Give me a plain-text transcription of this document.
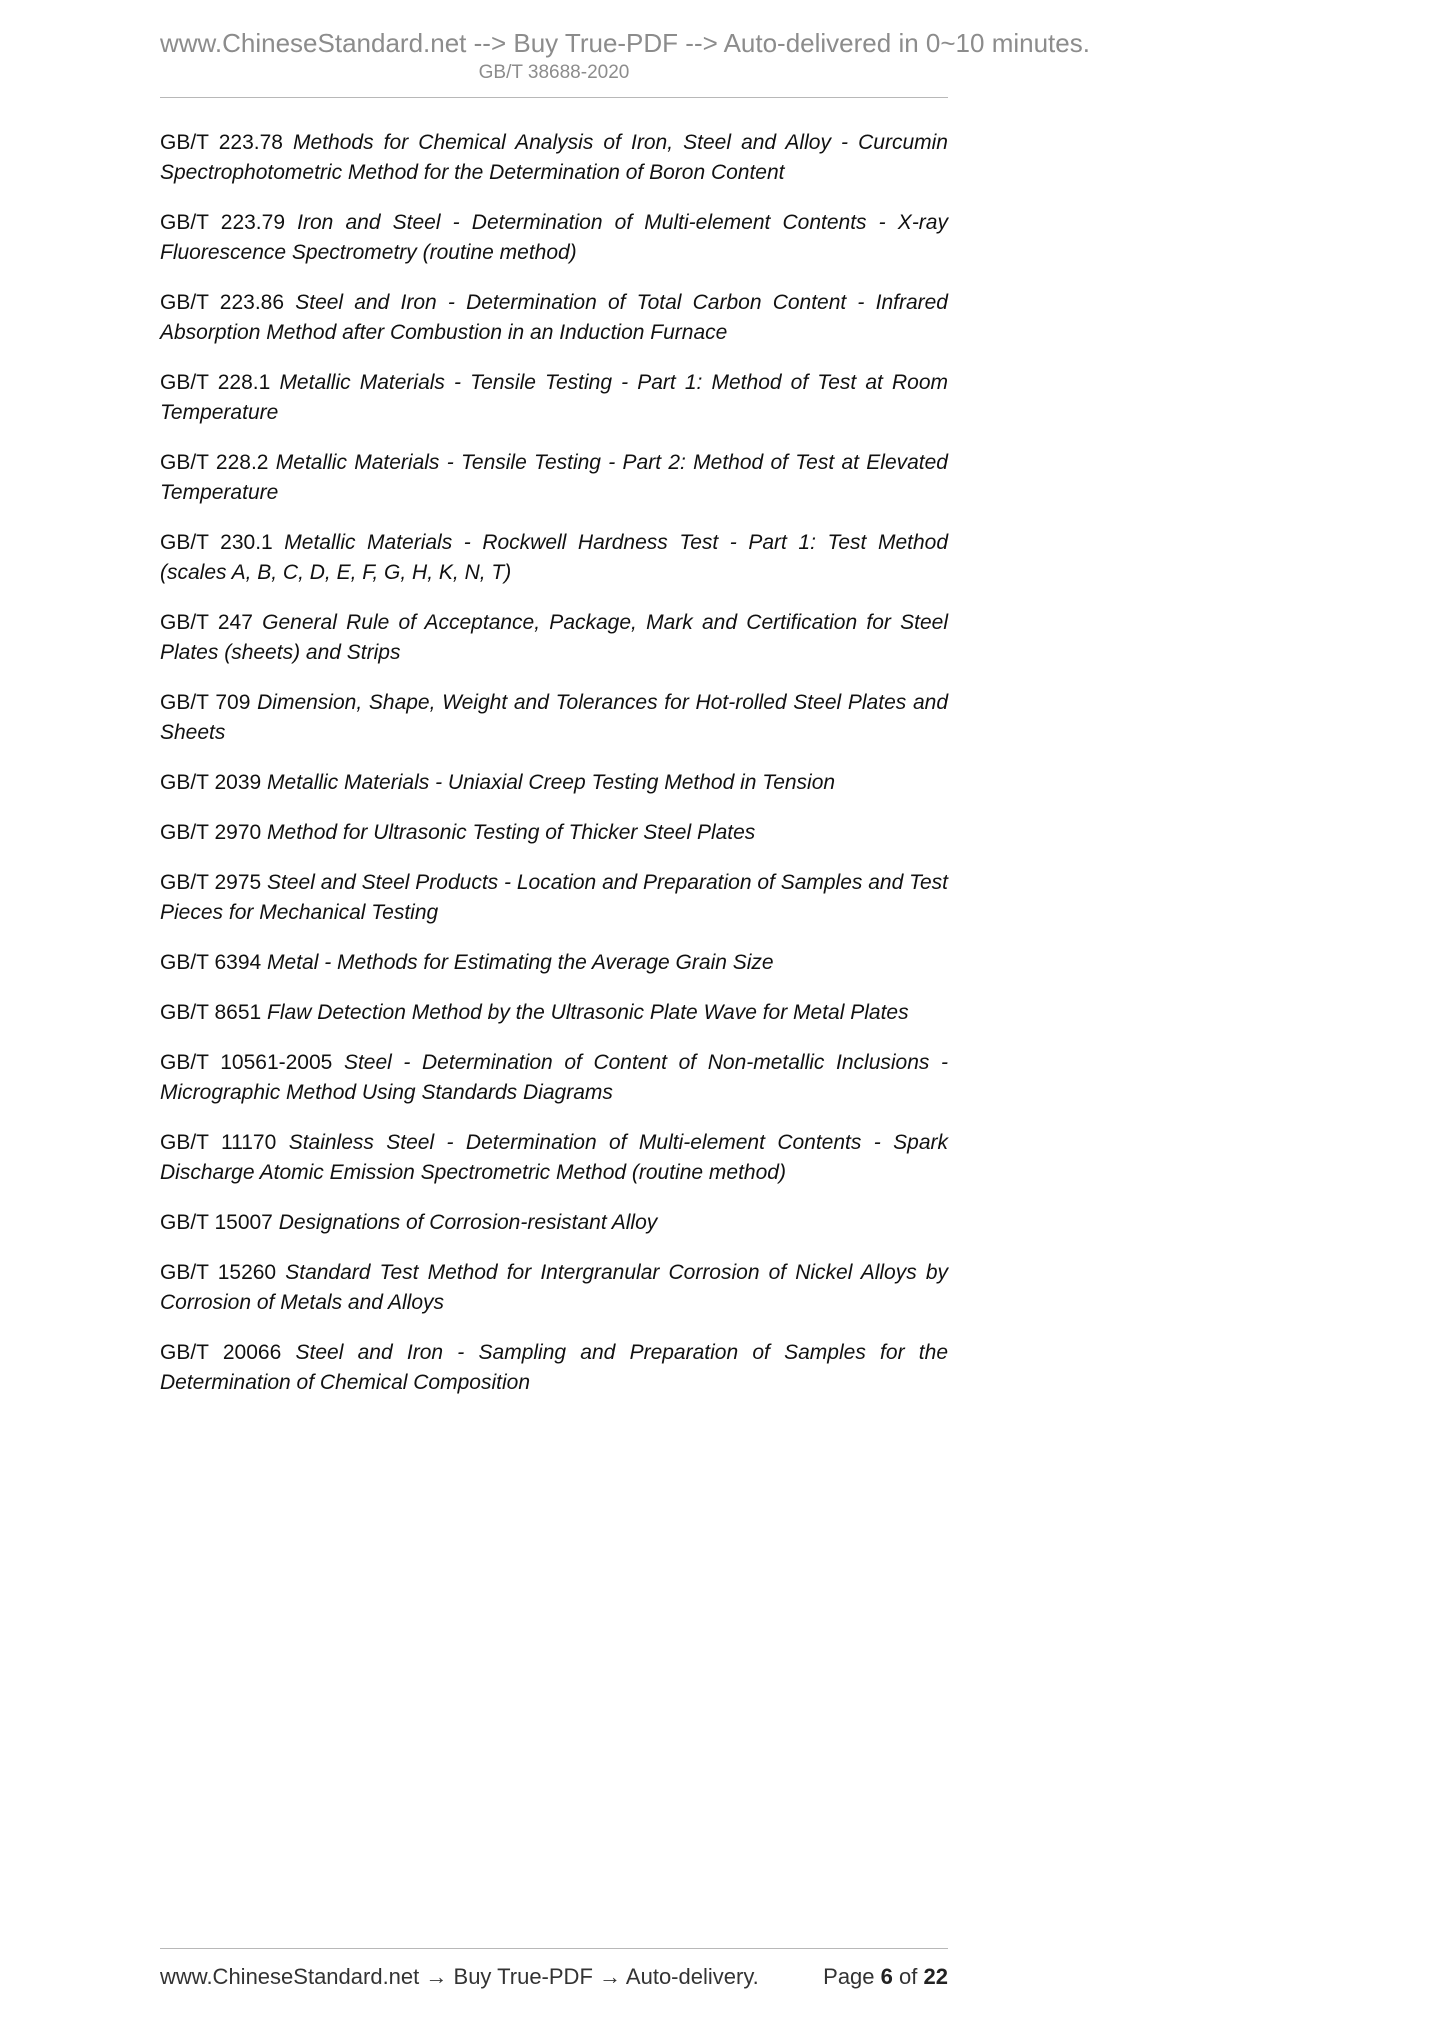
www.ChineseStandard.net --> Buy True-PDF --> Auto-delivered in 0~10 minutes.
GB/T 38688-2020

GB/T 223.78 Methods for Chemical Analysis of Iron, Steel and Alloy - Curcumin Spectrophotometric Method for the Determination of Boron Content

GB/T 223.79 Iron and Steel - Determination of Multi-element Contents - X-ray Fluorescence Spectrometry (routine method)

GB/T 223.86 Steel and Iron - Determination of Total Carbon Content - Infrared Absorption Method after Combustion in an Induction Furnace

GB/T 228.1 Metallic Materials - Tensile Testing - Part 1: Method of Test at Room Temperature

GB/T 228.2 Metallic Materials - Tensile Testing - Part 2: Method of Test at Elevated Temperature

GB/T 230.1 Metallic Materials - Rockwell Hardness Test - Part 1: Test Method (scales A, B, C, D, E, F, G, H, K, N, T)

GB/T 247 General Rule of Acceptance, Package, Mark and Certification for Steel Plates (sheets) and Strips

GB/T 709 Dimension, Shape, Weight and Tolerances for Hot-rolled Steel Plates and Sheets

GB/T 2039 Metallic Materials - Uniaxial Creep Testing Method in Tension

GB/T 2970 Method for Ultrasonic Testing of Thicker Steel Plates

GB/T 2975 Steel and Steel Products - Location and Preparation of Samples and Test Pieces for Mechanical Testing

GB/T 6394 Metal - Methods for Estimating the Average Grain Size

GB/T 8651 Flaw Detection Method by the Ultrasonic Plate Wave for Metal Plates

GB/T 10561-2005 Steel - Determination of Content of Non-metallic Inclusions - Micrographic Method Using Standards Diagrams

GB/T 11170 Stainless Steel - Determination of Multi-element Contents - Spark Discharge Atomic Emission Spectrometric Method (routine method)

GB/T 15007 Designations of Corrosion-resistant Alloy

GB/T 15260 Standard Test Method for Intergranular Corrosion of Nickel Alloys by Corrosion of Metals and Alloys

GB/T 20066 Steel and Iron - Sampling and Preparation of Samples for the Determination of Chemical Composition

www.ChineseStandard.net → Buy True-PDF → Auto-delivery.	Page 6 of 22
